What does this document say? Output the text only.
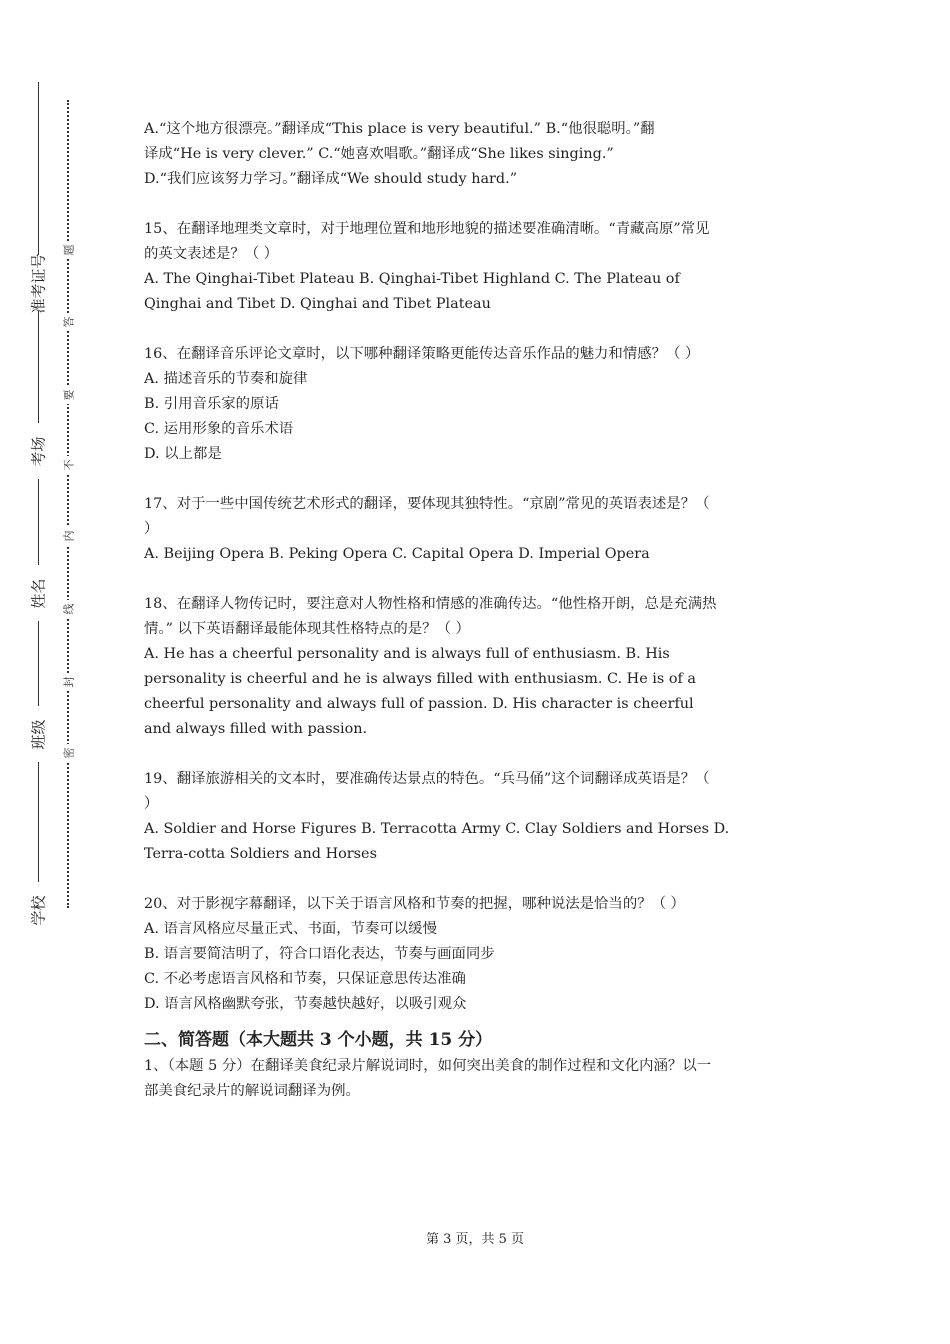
准考证号
考场
姓名
班级
学校
题
答
要
不
内
线
封
密
A.“这个地方很漂亮。”翻译成“This place is very beautiful.” B.“他很聪明。”翻
译成“He is very clever.” C.“她喜欢唱歌。”翻译成“She likes singing.”
D.“我们应该努力学习。”翻译成“We should study hard.”
15、在翻译地理类文章时，对于地理位置和地形地貌的描述要准确清晰。“青藏高原”常见
的英文表述是？（ ）
A. The Qinghai-Tibet Plateau B. Qinghai-Tibet Highland C. The Plateau of
Qinghai and Tibet D. Qinghai and Tibet Plateau
16、在翻译音乐评论文章时，以下哪种翻译策略更能传达音乐作品的魅力和情感？（ ）
A. 描述音乐的节奏和旋律
B. 引用音乐家的原话
C. 运用形象的音乐术语
D. 以上都是
17、对于一些中国传统艺术形式的翻译，要体现其独特性。“京剧”常见的英语表述是？（
）
A. Beijing Opera B. Peking Opera C. Capital Opera D. Imperial Opera
18、在翻译人物传记时，要注意对人物性格和情感的准确传达。“他性格开朗，总是充满热
情。” 以下英语翻译最能体现其性格特点的是？（ ）
A. He has a cheerful personality and is always full of enthusiasm. B. His
personality is cheerful and he is always filled with enthusiasm. C. He is of a
cheerful personality and always full of passion. D. His character is cheerful
and always filled with passion.
19、翻译旅游相关的文本时，要准确传达景点的特色。“兵马俑”这个词翻译成英语是？（
）
A. Soldier and Horse Figures B. Terracotta Army C. Clay Soldiers and Horses D.
Terra-cotta Soldiers and Horses
20、对于影视字幕翻译，以下关于语言风格和节奏的把握，哪种说法是恰当的？（ ）
A. 语言风格应尽量正式、书面，节奏可以缓慢
B. 语言要简洁明了，符合口语化表达，节奏与画面同步
C. 不必考虑语言风格和节奏，只保证意思传达准确
D. 语言风格幽默夸张，节奏越快越好，以吸引观众
二、简答题（本大题共 3 个小题，共 15 分）
1、（本题 5 分）在翻译美食纪录片解说词时，如何突出美食的制作过程和文化内涵？以一
部美食纪录片的解说词翻译为例。
第 3 页，共 5 页
